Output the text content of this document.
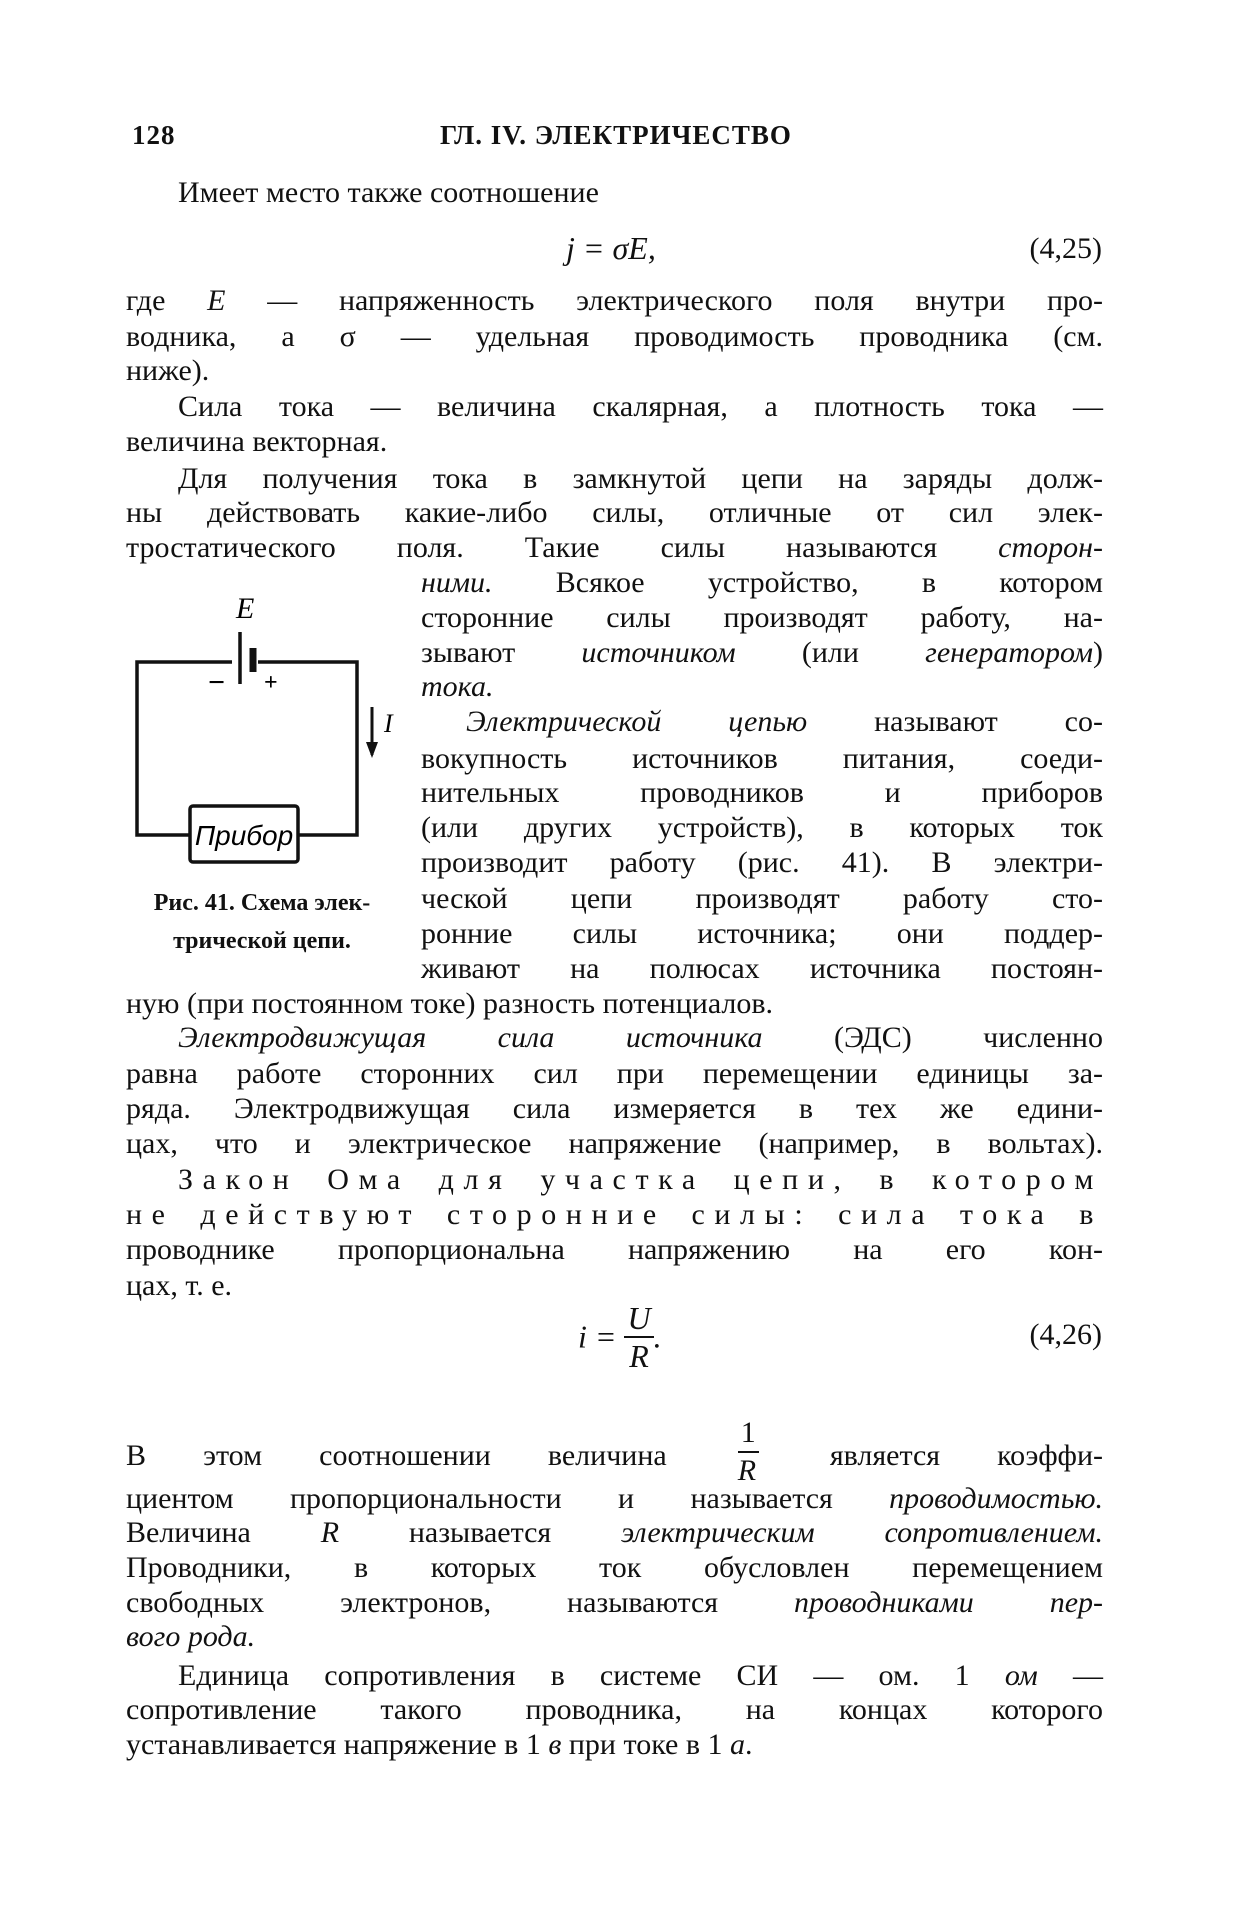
128	ГЛ. IV. ЭЛЕКТРИЧЕСТВО
j = σE,	(4,25)
$i = \frac{U}{R}$ .	(4,26)
Имеет место также соотношение
где E — напряженность электрического поля внутри про-
водника, а σ — удельная проводимость проводника (см.
ниже).
Сила тока — величина скалярная, а плотность тока —
величина векторная.
Для получения тока в замкнутой цепи на заряды долж-
ны действовать какие-либо силы, отличные от сил элек-
тростатического поля. Такие силы называются сторон-
ними. Всякое устройство, в котором
сторонние силы производят работу, на-
зывают источником (или генератором)
тока.
Электрической цепью называют со-
вокупность источников питания, соеди-
нительных проводников и приборов
(или других устройств), в которых ток
производит работу (рис. 41). В электри-
ческой цепи производят работу сто-
ронние силы источника; они поддер-
живают на полюсах источника постоян-
ную (при постоянном токе) разность потенциалов.
Электродвижущая сила источника (ЭДС) численно
равна работе сторонних сил при перемещении единицы за-
ряда. Электродвижущая сила измеряется в тех же едини-
цах, что и электрическое напряжение (например, в вольтах).
Закон Ома для участка цепи, в котором
не действуют сторонние силы: сила тока в
проводнике пропорциональна напряжению на его кон-
цах, т. е.
В этом соотношении величина $\frac{1}{R}$ является коэффи-
циентом пропорциональности и называется проводимостью.
Величина R называется электрическим сопротивлением.
Проводники, в которых ток обусловлен перемещением
свободных электронов, называются проводниками пер-
вого рода.
Единица сопротивления в системе СИ — ом. 1 ом —
сопротивление такого проводника, на концах которого
устанавливается напряжение в 1 в при токе в 1 а.
E
− +
I
Прибор
Рис. 41. Схема элек-
трической цепи.
